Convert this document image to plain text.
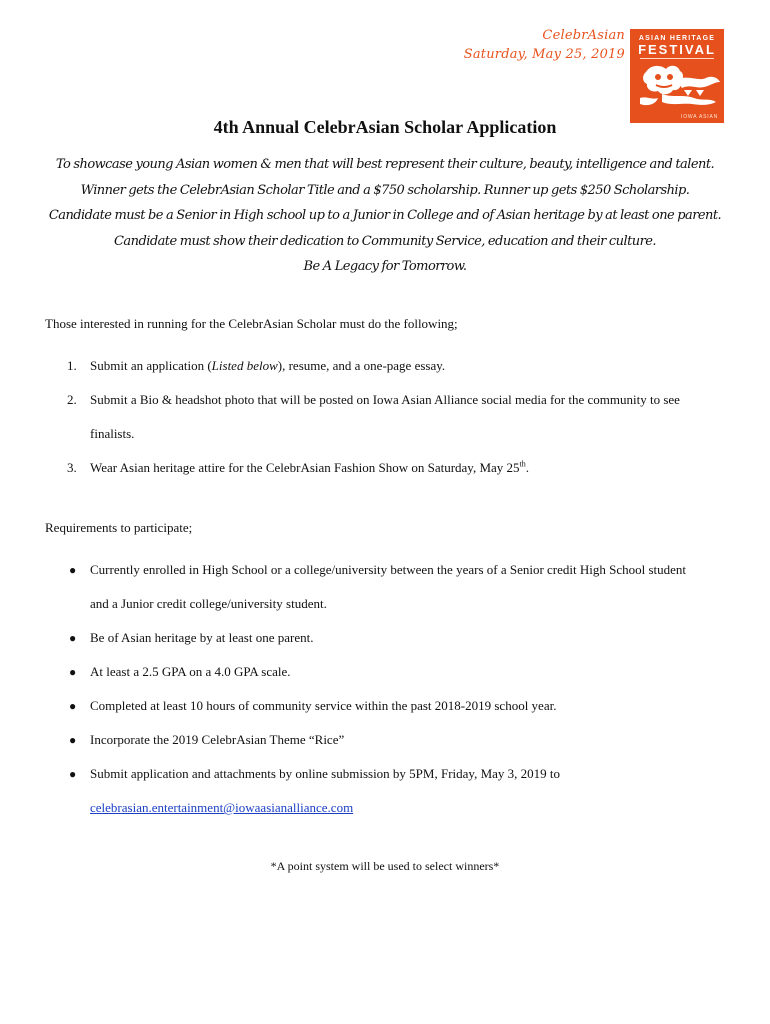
CelebrAsian
Saturday, May 25, 2019
ASIAN HERITAGE
FESTIVAL
IOWA ASIAN
4th Annual CelebrAsian Scholar Application
To showcase young Asian women & men that will best represent their culture, beauty, intelligence and talent.
Winner gets the CelebrAsian Scholar Title and a $750 scholarship. Runner up gets $250 Scholarship.
Candidate must be a Senior in High school up to a Junior in College and of Asian heritage by at least one parent.
Candidate must show their dedication to Community Service, education and their culture.
Be A Legacy for Tomorrow.
Those interested in running for the CelebrAsian Scholar must do the following;
1.	Submit an application (Listed below), resume, and a one-page essay.
2.	Submit a Bio & headshot photo that will be posted on Iowa Asian Alliance social media for the community to see
finalists.
3.	Wear Asian heritage attire for the CelebrAsian Fashion Show on Saturday, May 25th.
Requirements to participate;
● Currently enrolled in High School or a college/university between the years of a Senior credit High School student
and a Junior credit college/university student.
● Be of Asian heritage by at least one parent.
● At least a 2.5 GPA on a 4.0 GPA scale.
● Completed at least 10 hours of community service within the past 2018-2019 school year.
● Incorporate the 2019 CelebrAsian Theme “Rice”
● Submit application and attachments by online submission by 5PM, Friday, May 3, 2019 to
celebrasian.entertainment@iowaasianalliance.com
*A point system will be used to select winners*
